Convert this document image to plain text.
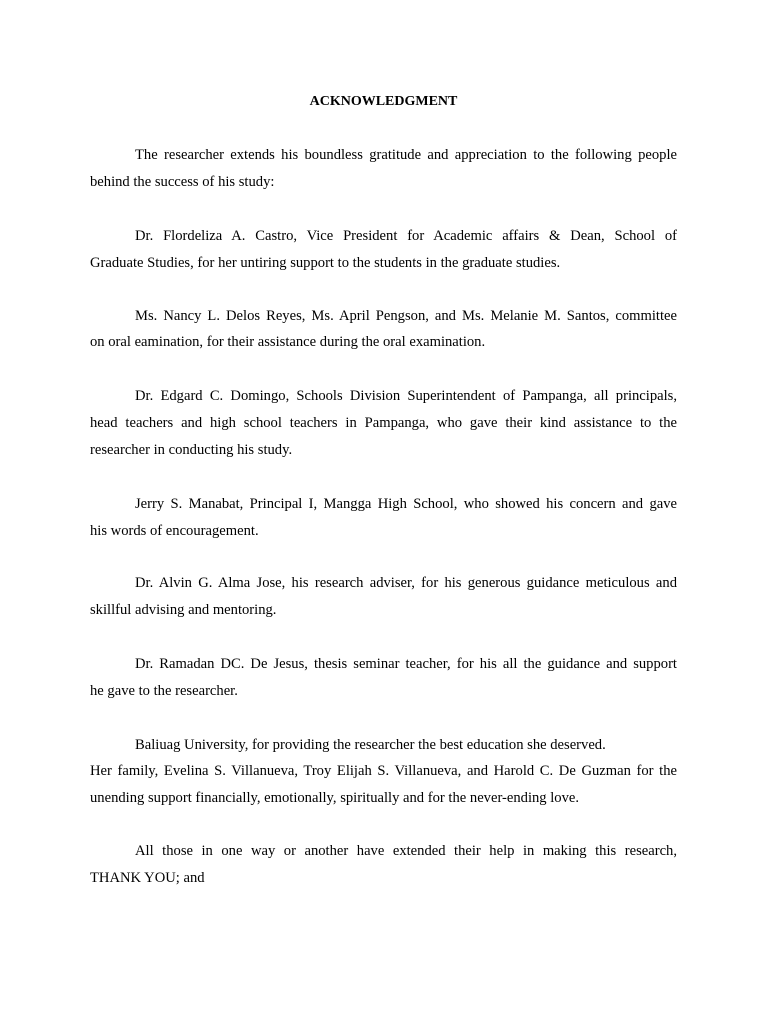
ACKNOWLEDGMENT
The researcher extends his boundless gratitude and appreciation to the following people
behind the success of his study:
Dr. Flordeliza A. Castro, Vice President for Academic affairs & Dean, School of
Graduate Studies, for her untiring support to the students in the graduate studies.
Ms. Nancy L. Delos Reyes, Ms. April Pengson, and Ms. Melanie M. Santos, committee
on oral eamination, for their assistance during the oral examination.
Dr. Edgard C. Domingo, Schools Division Superintendent of Pampanga, all principals,
head teachers and high school teachers in Pampanga, who gave their kind assistance to the
researcher in conducting his study.
Jerry S. Manabat, Principal I, Mangga High School, who showed his concern and gave
his words of encouragement.
Dr. Alvin G. Alma Jose, his research adviser, for his generous guidance meticulous and
skillful advising and mentoring.
Dr. Ramadan DC. De Jesus, thesis seminar teacher, for his all the guidance and support
he gave to the researcher.
Baliuag University, for providing the researcher the best education she deserved.
Her family, Evelina S. Villanueva, Troy Elijah S. Villanueva, and Harold C. De Guzman for the
unending support financially, emotionally, spiritually and for the never-ending love.
All those in one way or another have extended their help in making this research,
THANK YOU; and
